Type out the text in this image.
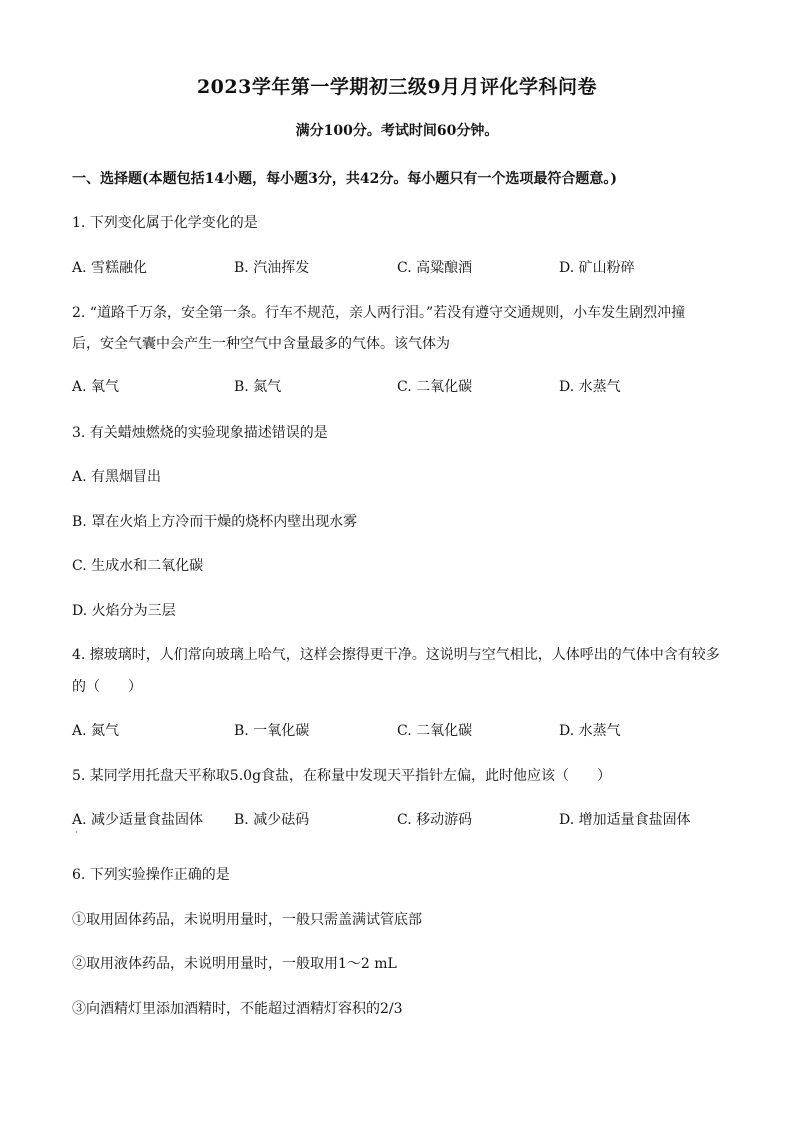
2023学年第一学期初三级9月月评化学科问卷
满分100分。考试时间60分钟。
一、选择题(本题包括14小题，每小题3分，共42分。每小题只有一个选项最符合题意。)
1. 下列变化属于化学变化的是
A. 雪糕融化	B. 汽油挥发	C. 高粱酿酒	D. 矿山粉碎
2. “道路千万条，安全第一条。行车不规范，亲人两行泪。”若没有遵守交通规则，小车发生剧烈冲撞
后，安全气囊中会产生一种空气中含量最多的气体。该气体为
A. 氧气	B. 氮气	C. 二氧化碳	D. 水蒸气
3. 有关蜡烛燃烧的实验现象描述错误的是
A. 有黑烟冒出
B. 罩在火焰上方冷而干燥的烧杯内壁出现水雾
C. 生成水和二氧化碳
D. 火焰分为三层
4. 擦玻璃时，人们常向玻璃上哈气，这样会擦得更干净。这说明与空气相比，人体呼出的气体中含有较多
的（　　）
A. 氮气	B. 一氧化碳	C. 二氧化碳	D. 水蒸气
5. 某同学用托盘天平称取5.0g食盐，在称量中发现天平指针左偏，此时他应该（　　）
A. 减少适量食盐固体 B. 减少砝码	C. 移动游码	D. 增加适量食盐固体
·
6. 下列实验操作正确的是
①取用固体药品，未说明用量时，一般只需盖满试管底部
②取用液体药品，未说明用量时，一般取用1～2 mL
③向酒精灯里添加酒精时，不能超过酒精灯容积的2/3
